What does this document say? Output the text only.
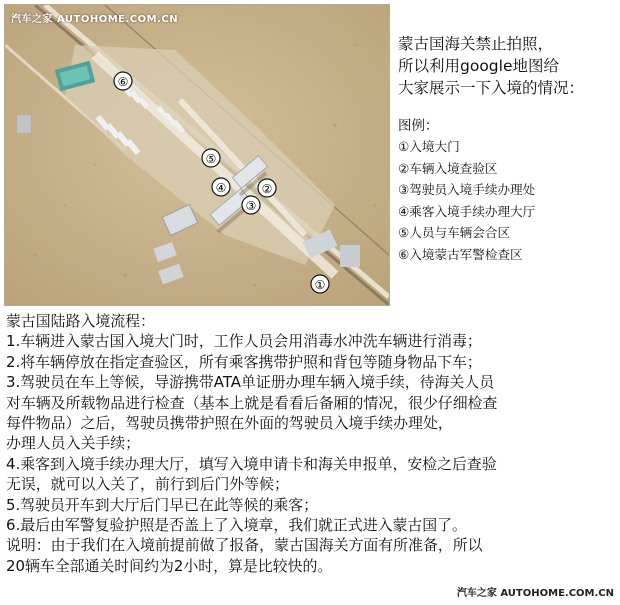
⑥
⑤
④
③
②
①
汽车之家 AUTOHOME.COM.CN
蒙古国海关禁止拍照，
所以利用google地图给
大家展示一下入境的情况：
图例：
①入境大门
②车辆入境查验区
③驾驶员入境手续办理处
④乘客入境手续办理大厅
⑤人员与车辆会合区
⑥入境蒙古军警检查区
蒙古国陆路入境流程：
1.车辆进入蒙古国入境大门时，工作人员会用消毒水冲洗车辆进行消毒；
2.将车辆停放在指定查验区，所有乘客携带护照和背包等随身物品下车；
3.驾驶员在车上等候，导游携带ATA单证册办理车辆入境手续，待海关人员
对车辆及所载物品进行检查（基本上就是看看后备厢的情况，很少仔细检查
每件物品）之后，驾驶员携带护照在外面的驾驶员入境手续办理处，
办理人员入关手续；
4.乘客到入境手续办理大厅，填写入境申请卡和海关申报单，安检之后查验
无误，就可以入关了，前行到后门外等候；
5.驾驶员开车到大厅后门早已在此等候的乘客；
6.最后由军警复验护照是否盖上了入境章，我们就正式进入蒙古国了。
说明：由于我们在入境前提前做了报备，蒙古国海关方面有所准备，所以
20辆车全部通关时间约为2小时，算是比较快的。
汽车之家 AUTOHOME.COM.CN
